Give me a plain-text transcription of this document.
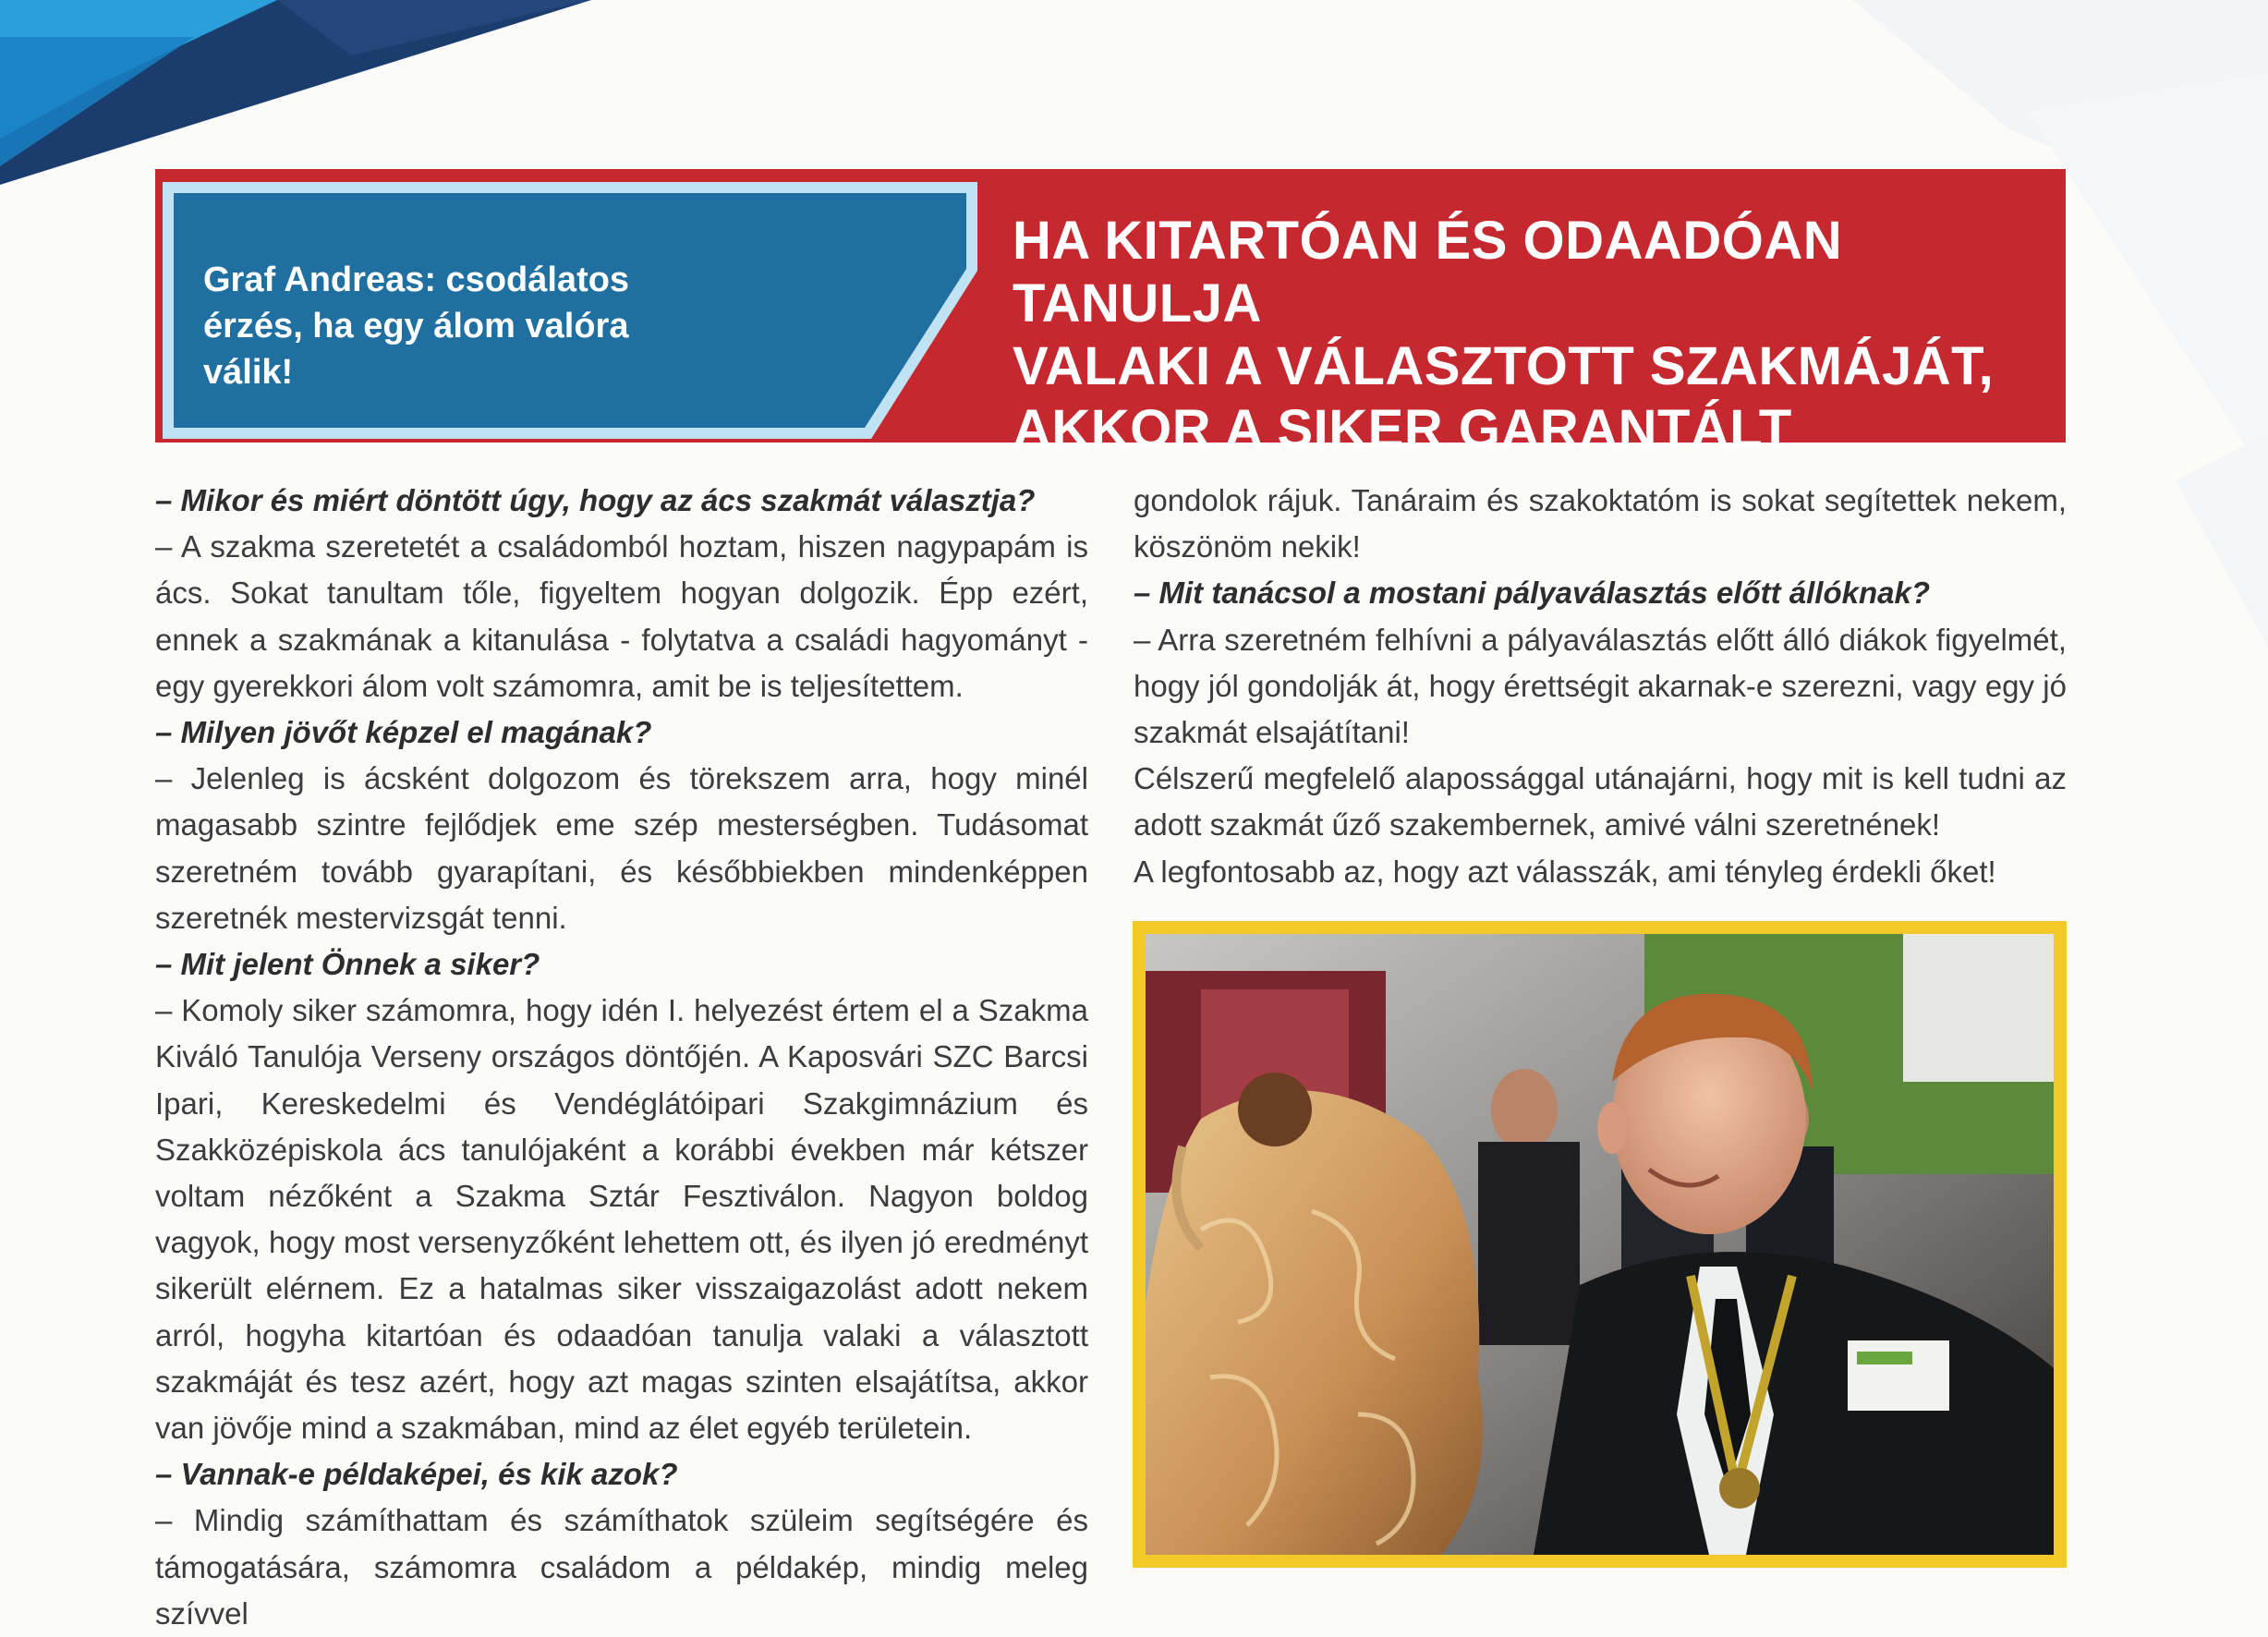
Graf Andreas: csodálatos érzés, ha egy álom valóra válik!
HA KITARTÓAN ÉS ODAADÓAN TANULJA
VALAKI A VÁLASZTOTT SZAKMÁJÁT,
AKKOR A SIKER GARANTÁLT

– Mikor és miért döntött úgy, hogy az ács szakmát választja?

– A szakma szeretetét a családomból hoztam, hiszen nagypapám is ács. Sokat tanultam tőle, figyeltem hogyan dolgozik. Épp ezért, ennek a szakmának a kitanulása - folytatva a családi hagyományt - egy gyerekkori álom volt számomra, amit be is teljesítettem.

– Milyen jövőt képzel el magának?

– Jelenleg is ácsként dolgozom és törekszem arra, hogy minél magasabb szintre fejlődjek eme szép mesterségben. Tudásomat szeretném tovább gyarapítani, és későbbiekben mindenképpen szeretnék mestervizsgát tenni.

– Mit jelent Önnek a siker?

– Komoly siker számomra, hogy idén I. helyezést értem el a Szakma Kiváló Tanulója Verseny országos döntőjén. A Kaposvári SZC Barcsi Ipari, Kereskedelmi és Vendéglátóipari Szakgimnázium és Szakközépiskola ács tanulójaként a korábbi években már kétszer voltam nézőként a Szakma Sztár Fesztiválon. Nagyon boldog vagyok, hogy most versenyzőként lehettem ott, és ilyen jó eredményt sikerült elérnem. Ez a hatalmas siker visszaigazolást adott nekem arról, hogyha kitartóan és odaadóan tanulja valaki a választott szakmáját és tesz azért, hogy azt magas szinten elsajátítsa, akkor van jövője mind a szakmában, mind az élet egyéb területein.

– Vannak-e példaképei, és kik azok?

– Mindig számíthattam és számíthatok szüleim segítségére és támogatására, számomra családom a példakép, mindig meleg szívvel

gondolok rájuk. Tanáraim és szakoktatóm is sokat segítettek nekem, köszönöm nekik!

– Mit tanácsol a mostani pályaválasztás előtt állóknak?

– Arra szeretném felhívni a pályaválasztás előtt álló diákok figyelmét, hogy jól gondolják át, hogy érettségit akarnak-e szerezni, vagy egy jó szakmát elsajátítani!

Célszerű megfelelő alapossággal utánajárni, hogy mit is kell tudni az adott szakmát űző szakembernek, amivé válni szeretnének!

A legfontosabb az, hogy azt válasszák, ami tényleg érdekli őket!
